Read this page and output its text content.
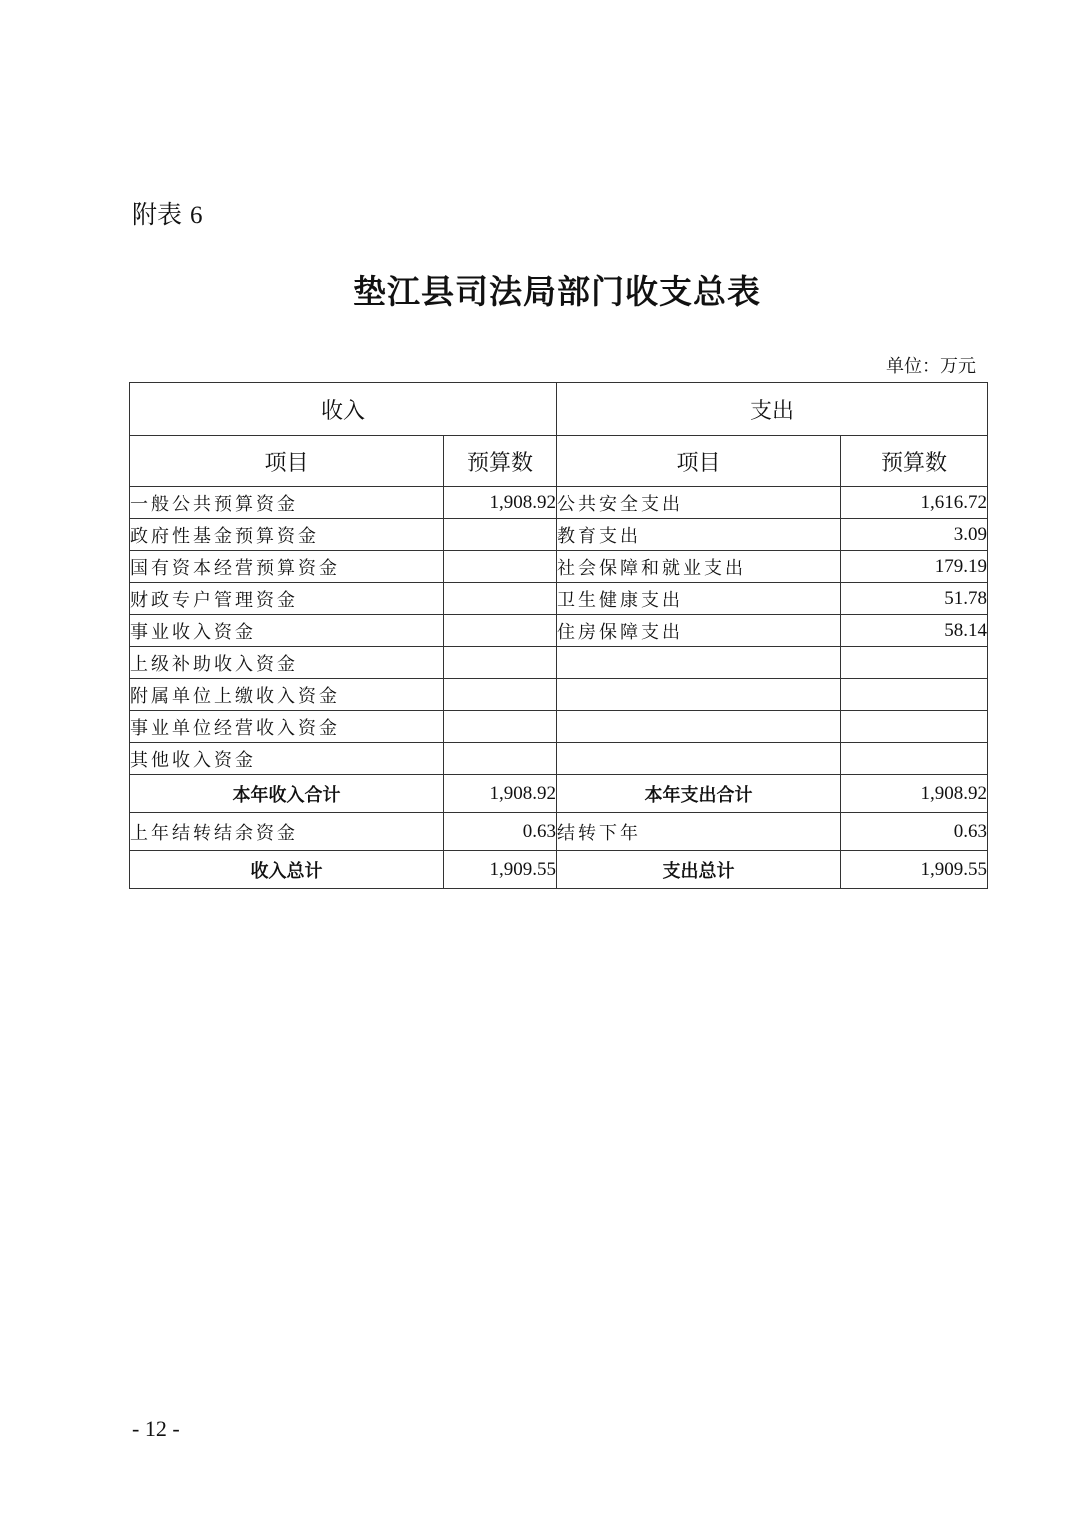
附表 6
垫江县司法局部门收支总表
单位：万元
收入		支出	
项目	预算数	项目	预算数
一般公共预算资金	1,908.92	公共安全支出	1,616.72
政府性基金预算资金		教育支出	3.09
国有资本经营预算资金		社会保障和就业支出	179.19
财政专户管理资金		卫生健康支出	51.78
事业收入资金		住房保障支出	58.14
上级补助收入资金			
附属单位上缴收入资金			
事业单位经营收入资金			
其他收入资金			
本年收入合计	1,908.92	本年支出合计	1,908.92
上年结转结余资金	0.63	结转下年	0.63
收入总计	1,909.55	支出总计	1,909.55
- 12 -
